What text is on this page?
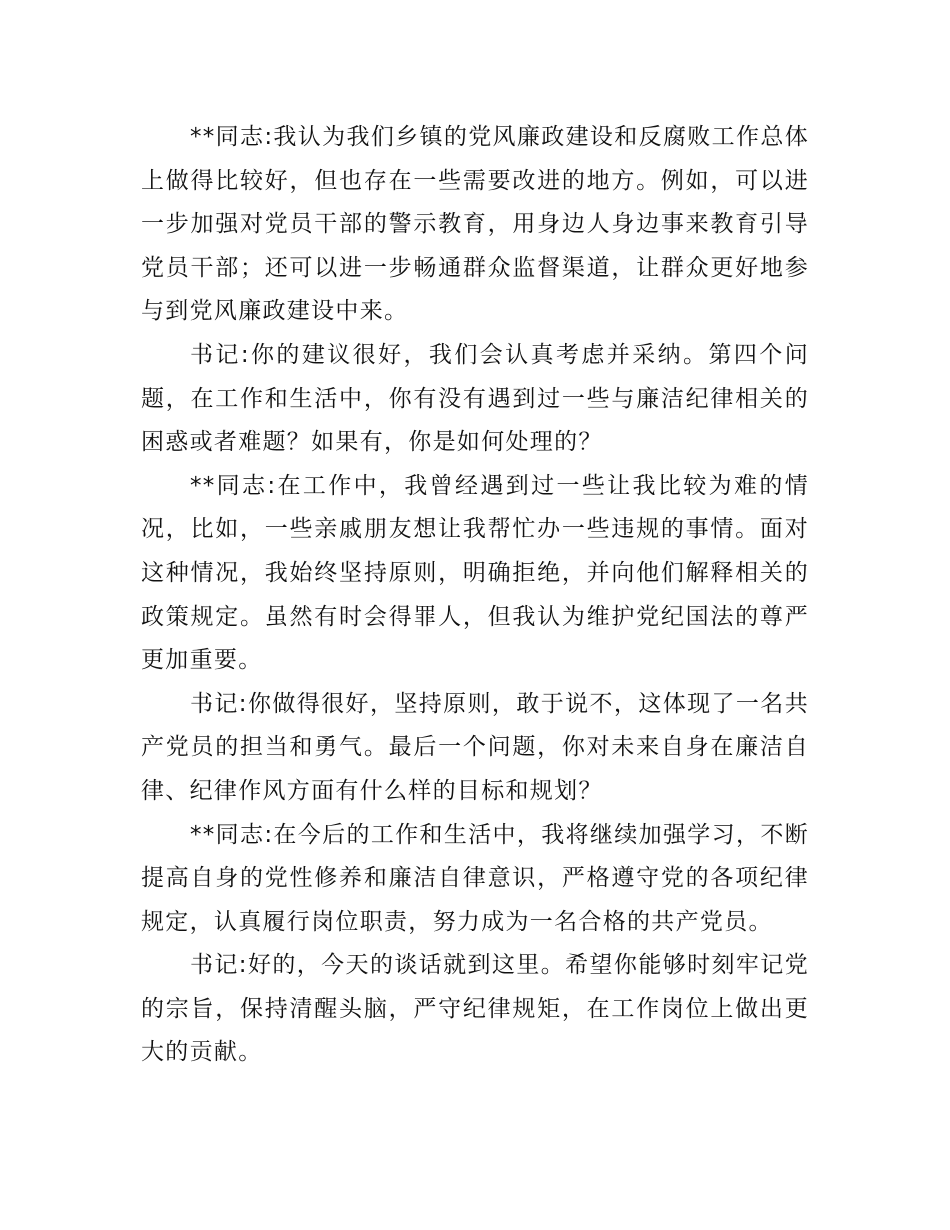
**同志:我认为我们乡镇的党风廉政建设和反腐败工作总体上做得比较好，但也存在一些需要改进的地方。例如，可以进一步加强对党员干部的警示教育，用身边人身边事来教育引导党员干部；还可以进一步畅通群众监督渠道，让群众更好地参与到党风廉政建设中来。

书记:你的建议很好，我们会认真考虑并采纳。第四个问题，在工作和生活中，你有没有遇到过一些与廉洁纪律相关的困惑或者难题？如果有，你是如何处理的？

**同志:在工作中，我曾经遇到过一些让我比较为难的情况，比如，一些亲戚朋友想让我帮忙办一些违规的事情。面对这种情况，我始终坚持原则，明确拒绝，并向他们解释相关的政策规定。虽然有时会得罪人，但我认为维护党纪国法的尊严更加重要。

书记:你做得很好，坚持原则，敢于说不，这体现了一名共产党员的担当和勇气。最后一个问题，你对未来自身在廉洁自律、纪律作风方面有什么样的目标和规划？

**同志:在今后的工作和生活中，我将继续加强学习，不断提高自身的党性修养和廉洁自律意识，严格遵守党的各项纪律规定，认真履行岗位职责，努力成为一名合格的共产党员。

书记:好的，今天的谈话就到这里。希望你能够时刻牢记党的宗旨，保持清醒头脑，严守纪律规矩，在工作岗位上做出更大的贡献。
